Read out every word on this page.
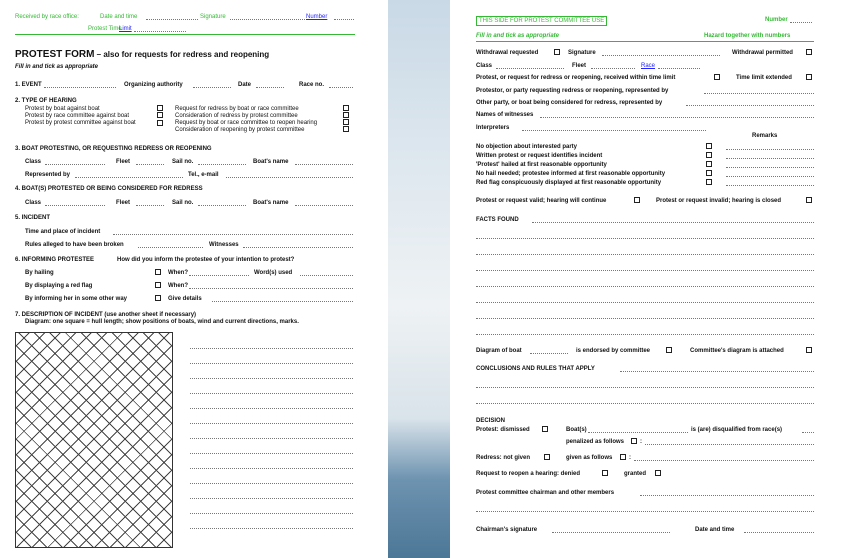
Received by race office:	Date and time	Signature	Number
Protest Time
Limit
PROTEST FORM – also for requests for redress and reopening
Fill in and tick as appropriate
1. EVENT	Organizing authority	Date	Race no.
2. TYPE OF HEARING
Protest by boat against boat
Protest by race committee against boat
Protest by protest committee against boat
Request for redress by boat or race committee
Consideration of redress by protest committee
Request by boat or race committee to reopen hearing
Consideration of reopening by protest committee
3. BOAT PROTESTING, OR REQUESTING REDRESS OR REOPENING
Class	Fleet	Sail no.	Boat's name
Represented by	Tel., e-mail
4. BOAT(S) PROTESTED OR BEING CONSIDERED FOR REDRESS
Class	Fleet	Sail no.	Boat's name
5. INCIDENT
Time and place of incident
Rules alleged to have been broken	Witnesses
6. INFORMING PROTESTEE	How did you inform the protestee of your intention to protest?
By hailing	When?	Word(s) used
By displaying a red flag	When?
By informing her in some other way	Give details
7. DESCRIPTION OF INCIDENT (use another sheet if necessary)
Diagram: one square = hull length; show positions of boats, wind and current directions, marks.
THIS SIDE FOR PROTEST COMMITTEE USE	Number
Fill in and tick as appropriate	Hazard together with numbers
Withdrawal requested	Signature	Withdrawal permitted
Class	Fleet	Race
Protest, or request for redress or reopening, received within time limit	Time limit extended
Protestor, or party requesting redress or reopening, represented by
Other party, or boat being considered for redress, represented by
Names of witnesses
Interpreters
Remarks
No objection about interested party
Written protest or request identifies incident
'Protest' hailed at first reasonable opportunity
No hail needed; protestee informed at first reasonable opportunity
Red flag conspicuously displayed at first reasonable opportunity
Protest or request valid; hearing will continue	Protest or request invalid; hearing is closed
FACTS FOUND
Diagram of boat	is endorsed by committee	Committee's diagram is attached
CONCLUSIONS AND RULES THAT APPLY
DECISION
Protest: dismissed	Boat(s)	is (are) disqualified from race(s)
penalized as follows	:
Redress: not given	given as follows	:
Request to reopen a hearing: denied	granted
Protest committee chairman and other members
Chairman's signature	Date and time
